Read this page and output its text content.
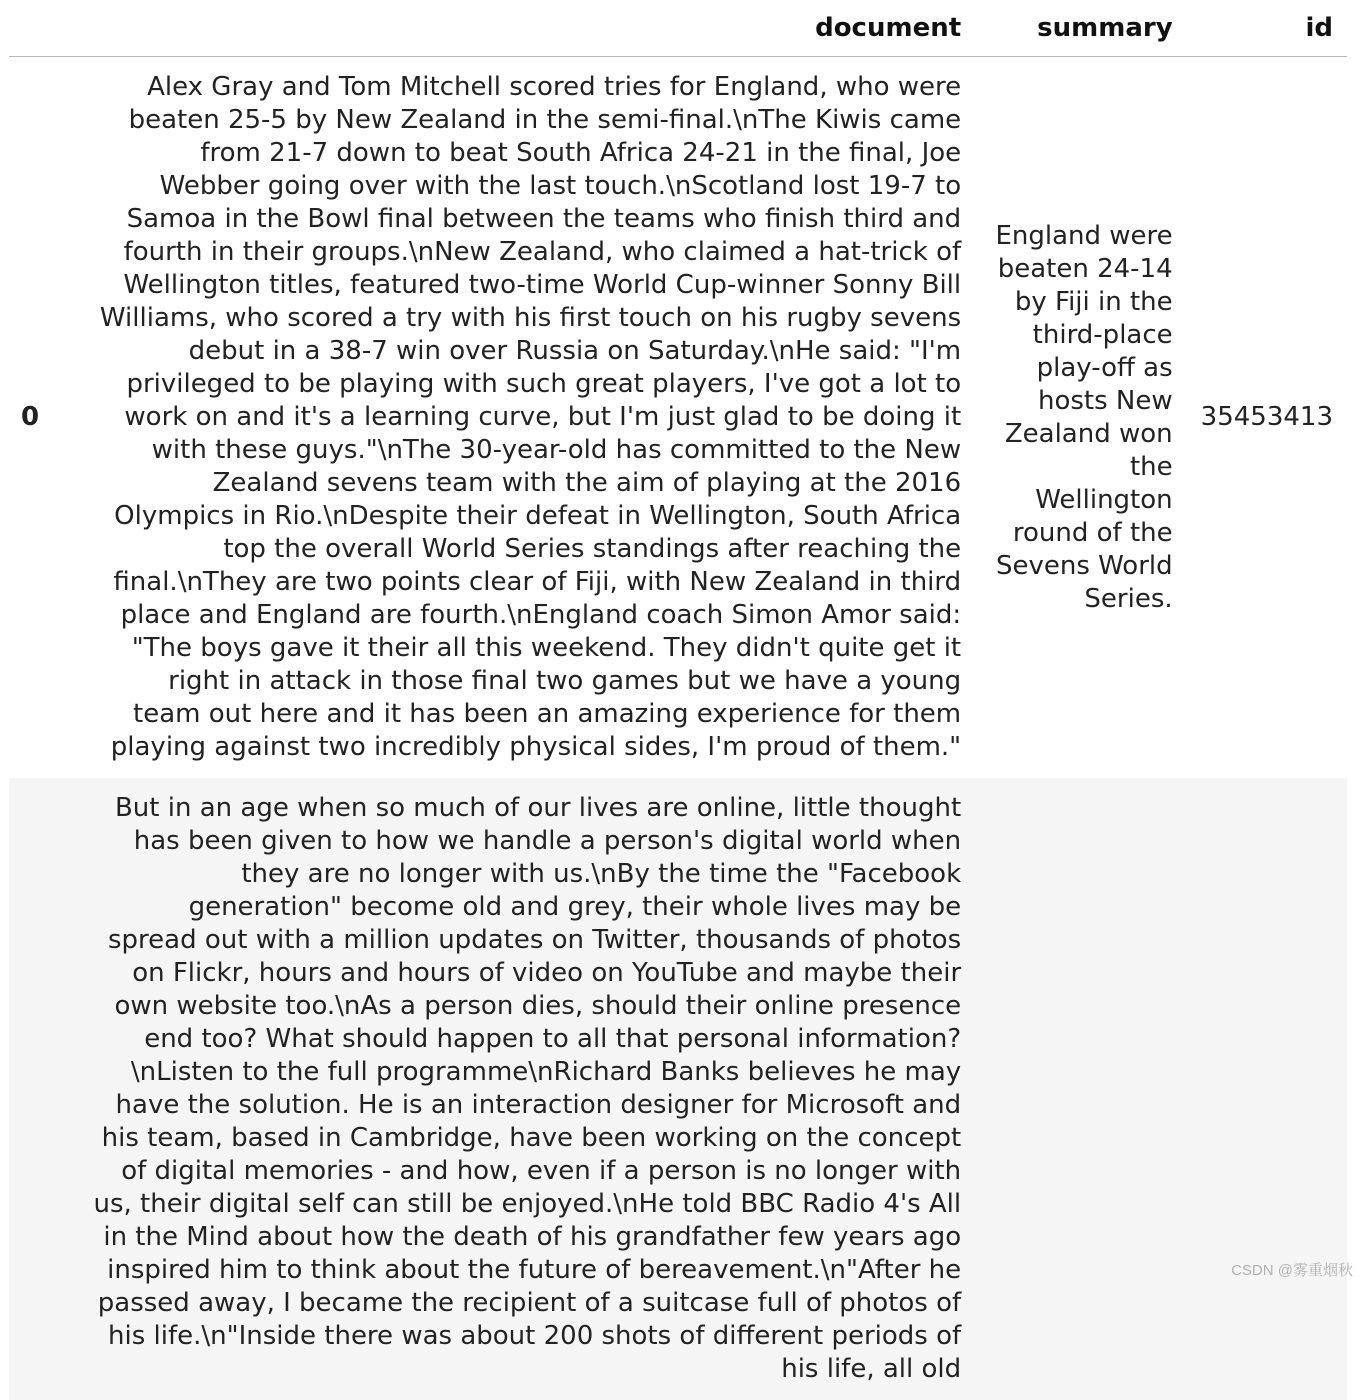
	document	summary	id
0	Alex Gray and Tom Mitchell scored tries for England, who were beaten 25-5 by New Zealand in the semi-final.\nThe Kiwis came from 21-7 down to beat South Africa 24-21 in the final, Joe Webber going over with the last touch.\nScotland lost 19-7 to Samoa in the Bowl final between the teams who finish third and fourth in their groups.\nNew Zealand, who claimed a hat-trick of Wellington titles, featured two-time World Cup-winner Sonny Bill Williams, who scored a try with his first touch on his rugby sevens debut in a 38-7 win over Russia on Saturday.\nHe said: "I'm privileged to be playing with such great players, I've got a lot to work on and it's a learning curve, but I'm just glad to be doing it with these guys."\nThe 30-year-old has committed to the New Zealand sevens team with the aim of playing at the 2016 Olympics in Rio.\nDespite their defeat in Wellington, South Africa top the overall World Series standings after reaching the final.\nThey are two points clear of Fiji, with New Zealand in third place and England are fourth.\nEngland coach Simon Amor said: "The boys gave it their all this weekend. They didn't quite get it right in attack in those final two games but we have a young team out here and it has been an amazing experience for them playing against two incredibly physical sides, I'm proud of them."	England were beaten 24-14 by Fiji in the third-place play-off as hosts New Zealand won the Wellington round of the Sevens World Series.	35453413
	But in an age when so much of our lives are online, little thought has been given to how we handle a person's digital world when they are no longer with us.\nBy the time the "Facebook generation" become old and grey, their whole lives may be spread out with a million updates on Twitter, thousands of photos on Flickr, hours and hours of video on YouTube and maybe their own website too.\nAs a person dies, should their online presence end too? What should happen to all that personal information?\nListen to the full programme\nRichard Banks believes he may have the solution. He is an interaction designer for Microsoft and his team, based in Cambridge, have been working on the concept of digital memories - and how, even if a person is no longer with us, their digital self can still be enjoyed.\nHe told BBC Radio 4's All in the Mind about how the death of his grandfather few years ago inspired him to think about the future of bereavement.\n"After he passed away, I became the recipient of a suitcase full of photos of his life.\n"Inside there was about 200 shots of different periods of his life, all old		
CSDN @雾重烟秋
